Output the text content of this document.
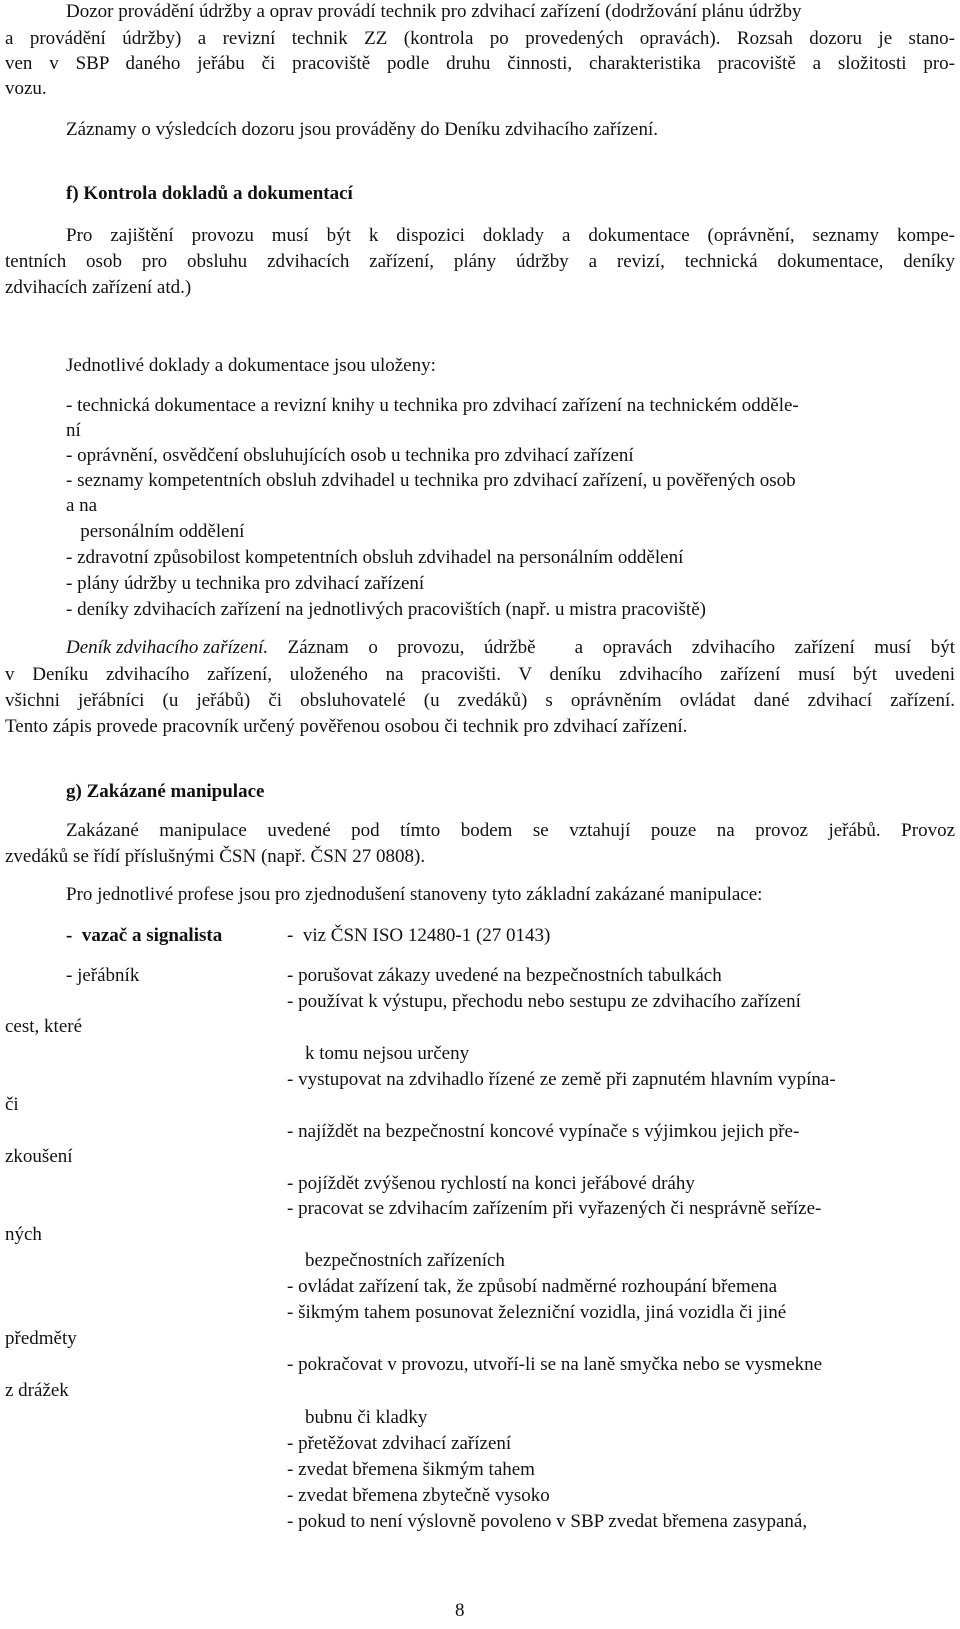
Dozor provádění údržby a oprav provádí technik pro zdvihací zařízení (dodržování plánu údržby
a provádění údržby) a revizní technik ZZ (kontrola po provedených opravách). Rozsah dozoru je stano-
ven v SBP daného jeřábu či pracoviště podle druhu činnosti, charakteristika pracoviště a složitosti pro-
vozu.
Záznamy o výsledcích dozoru jsou prováděny do Deníku zdvihacího zařízení.
f) Kontrola dokladů a dokumentací
Pro zajištění provozu musí být k dispozici doklady a dokumentace (oprávnění, seznamy kompe-
tentních osob pro obsluhu zdvihacích zařízení, plány údržby a revizí, technická dokumentace, deníky
zdvihacích zařízení atd.)
Jednotlivé doklady a dokumentace jsou uloženy:
- technická dokumentace a revizní knihy u technika pro zdvihací zařízení na technickém odděle-
ní
- oprávnění, osvědčení obsluhujících osob u technika pro zdvihací zařízení
- seznamy kompetentních obsluh zdvihadel u technika pro zdvihací zařízení, u pověřených osob
a na
personálním oddělení
- zdravotní způsobilost kompetentních obsluh zdvihadel na personálním oddělení
- plány údržby u technika pro zdvihací zařízení
- deníky zdvihacích zařízení na jednotlivých pracovištích (např. u mistra pracoviště)
Deník zdvihacího zařízení. Záznam o provozu, údržbě  a opravách zdvihacího zařízení musí být
v Deníku zdvihacího zařízení, uloženého na pracovišti. V deníku zdvihacího zařízení musí být uvedeni
všichni jeřábníci (u jeřábů) či obsluhovatelé (u zvedáků) s oprávněním ovládat dané zdvihací zařízení.
Tento zápis provede pracovník určený pověřenou osobou či technik pro zdvihací zařízení.
g) Zakázané manipulace
Zakázané manipulace uvedené pod tímto bodem se vztahují pouze na provoz jeřábů. Provoz
zvedáků se řídí příslušnými ČSN (např. ČSN 27 0808).
Pro jednotlivé profese jsou pro zjednodušení stanoveny tyto základní zakázané manipulace:
-  vazač a signalista	-  viz ČSN ISO 12480-1 (27 0143)
- jeřábník	- porušovat zákazy uvedené na bezpečnostních tabulkách
- používat k výstupu, přechodu nebo sestupu ze zdvihacího zařízení
cest, které
k tomu nejsou určeny
- vystupovat na zdvihadlo řízené ze země při zapnutém hlavním vypína-
či
- najíždět na bezpečnostní koncové vypínače s výjimkou jejich pře-
zkoušení
- pojíždět zvýšenou rychlostí na konci jeřábové dráhy
- pracovat se zdvihacím zařízením při vyřazených či nesprávně seříze-
ných
bezpečnostních zařízeních
- ovládat zařízení tak, že způsobí nadměrné rozhoupání břemena
- šikmým tahem posunovat železniční vozidla, jiná vozidla či jiné
předměty
- pokračovat v provozu, utvoří-li se na laně smyčka nebo se vysmekne
z drážek
bubnu či kladky
- přetěžovat zdvihací zařízení
- zvedat břemena šikmým tahem
- zvedat břemena zbytečně vysoko
- pokud to není výslovně povoleno v SBP zvedat břemena zasypaná,
8
